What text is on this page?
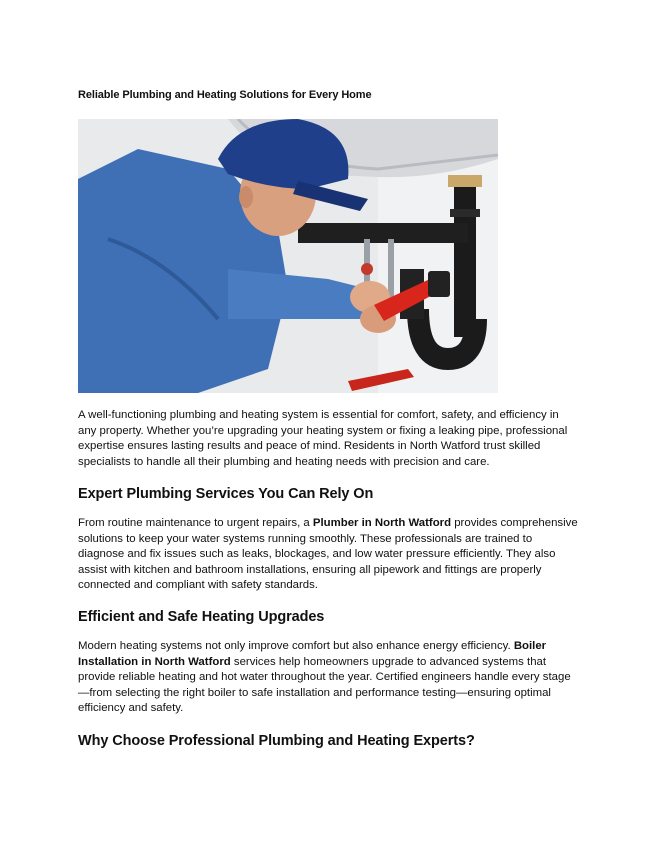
Reliable Plumbing and Heating Solutions for Every Home

A well-functioning plumbing and heating system is essential for comfort, safety, and efficiency in any property. Whether you’re upgrading your heating system or fixing a leaking pipe, professional expertise ensures lasting results and peace of mind. Residents in North Watford trust skilled specialists to handle all their plumbing and heating needs with precision and care.

Expert Plumbing Services You Can Rely On

From routine maintenance to urgent repairs, a Plumber in North Watford provides comprehensive solutions to keep your water systems running smoothly. These professionals are trained to diagnose and fix issues such as leaks, blockages, and low water pressure efficiently. They also assist with kitchen and bathroom installations, ensuring all pipework and fittings are properly connected and compliant with safety standards.

Efficient and Safe Heating Upgrades

Modern heating systems not only improve comfort but also enhance energy efficiency. Boiler Installation in North Watford services help homeowners upgrade to advanced systems that provide reliable heating and hot water throughout the year. Certified engineers handle every stage—from selecting the right boiler to safe installation and performance testing—ensuring optimal efficiency and safety.

Why Choose Professional Plumbing and Heating Experts?
